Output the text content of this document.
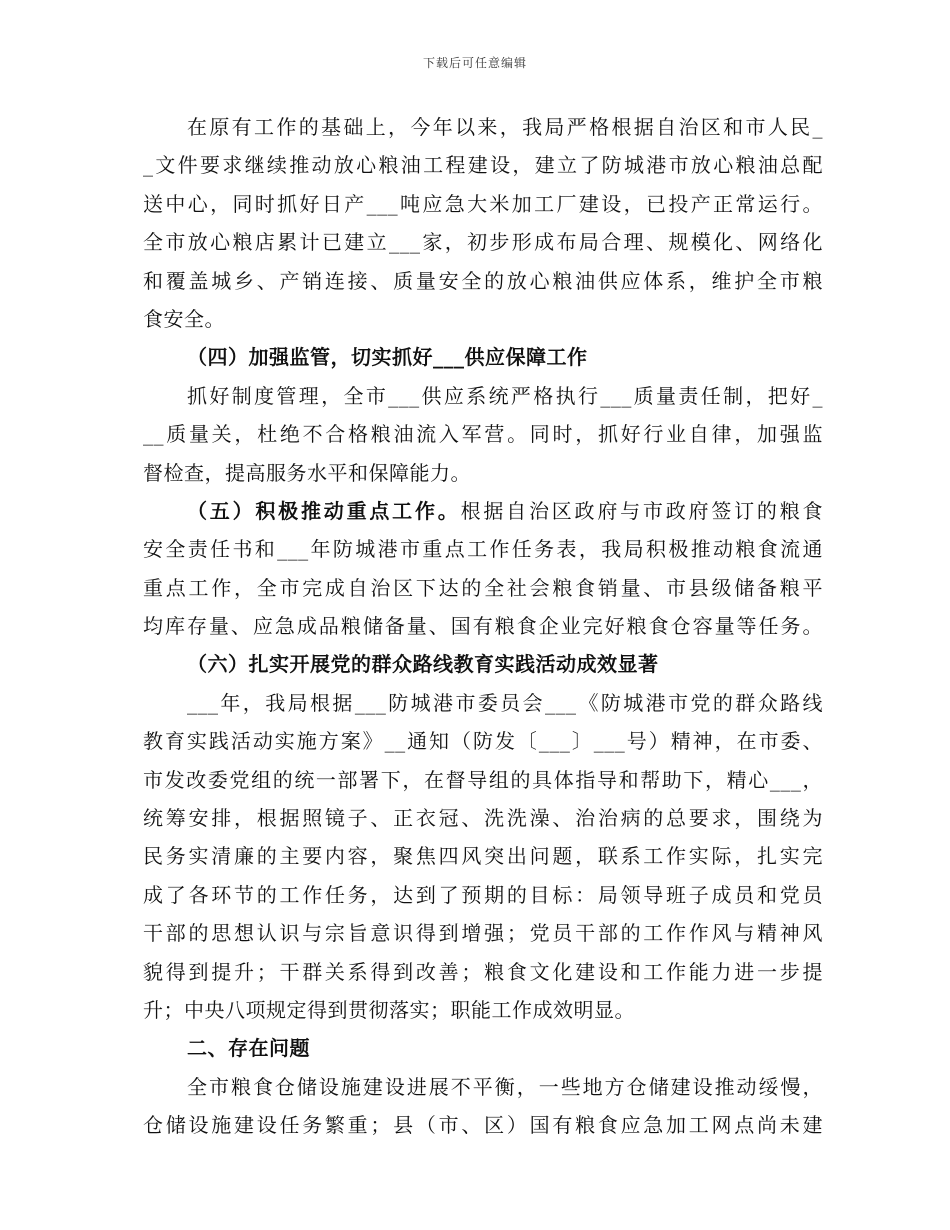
下载后可任意编辑
在原有工作的基础上，今年以来，我局严格根据自治区和市人民_
_文件要求继续推动放心粮油工程建设，建立了防城港市放心粮油总配
送中心，同时抓好日产___吨应急大米加工厂建设，已投产正常运行。
全市放心粮店累计已建立___家，初步形成布局合理、规模化、网络化
和覆盖城乡、产销连接、质量安全的放心粮油供应体系，维护全市粮
食安全。
（四）加强监管，切实抓好___供应保障工作
抓好制度管理，全市___供应系统严格执行___质量责任制，把好_
__质量关，杜绝不合格粮油流入军营。同时，抓好行业自律，加强监
督检查，提高服务水平和保障能力。
（五）积极推动重点工作。根据自治区政府与市政府签订的粮食
安全责任书和___年防城港市重点工作任务表，我局积极推动粮食流通
重点工作，全市完成自治区下达的全社会粮食销量、市县级储备粮平
均库存量、应急成品粮储备量、国有粮食企业完好粮食仓容量等任务。
（六）扎实开展党的群众路线教育实践活动成效显著
___年，我局根据___防城港市委员会___《防城港市党的群众路线
教育实践活动实施方案》__通知（防发〔___〕___号）精神，在市委、
市发改委党组的统一部署下，在督导组的具体指导和帮助下，精心___，
统筹安排，根据照镜子、正衣冠、洗洗澡、治治病的总要求，围绕为
民务实清廉的主要内容，聚焦四风突出问题，联系工作实际，扎实完
成了各环节的工作任务，达到了预期的目标：局领导班子成员和党员
干部的思想认识与宗旨意识得到增强；党员干部的工作作风与精神风
貌得到提升；干群关系得到改善；粮食文化建设和工作能力进一步提
升；中央八项规定得到贯彻落实；职能工作成效明显。
二、存在问题
全市粮食仓储设施建设进展不平衡，一些地方仓储建设推动绥慢，
仓储设施建设任务繁重；县（市、区）国有粮食应急加工网点尚未建
